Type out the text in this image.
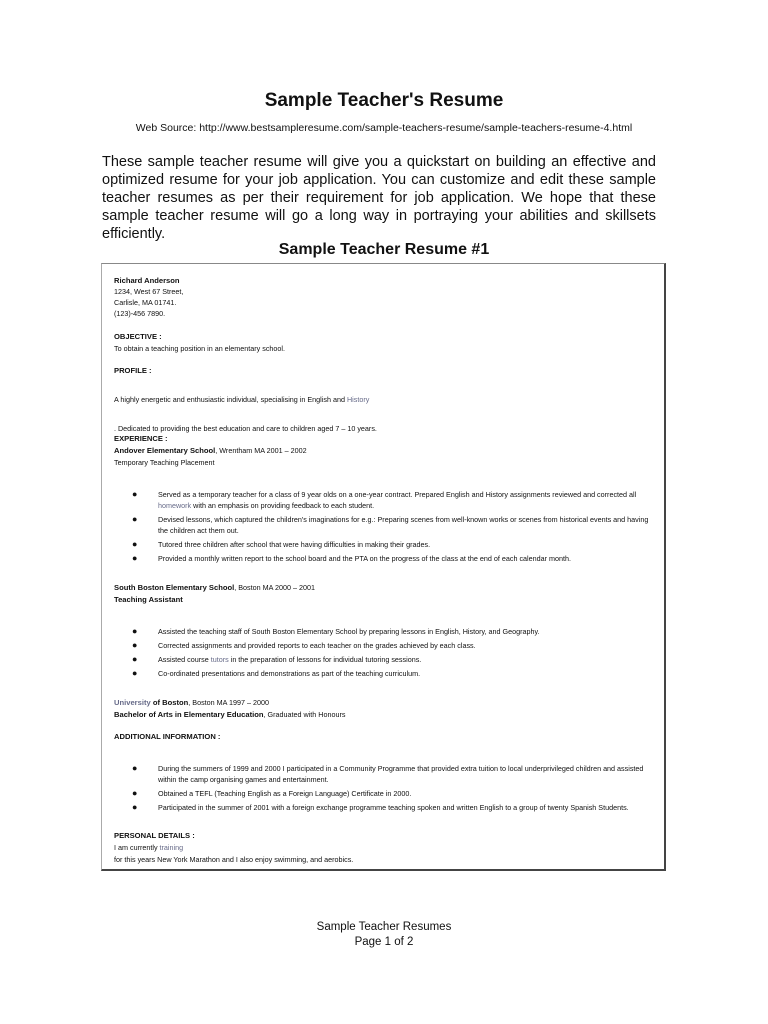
Sample Teacher's Resume

Web Source: http://www.bestsampleresume.com/sample-teachers-resume/sample-teachers-resume-4.html

These sample teacher resume will give you a quickstart on building an effective and optimized resume for your job application. You can customize and edit these sample teacher resumes as per their requirement for job application. We hope that these sample teacher resume will go a long way in portraying your abilities and skillsets efficiently.

Sample Teacher Resume #1
Richard Anderson
1234, West 67 Street,
Carlisle, MA 01741.
(123)-456 7890.
OBJECTIVE :
To obtain a teaching position in an elementary school.
PROFILE :
A highly energetic and enthusiastic individual, specialising in English and History
. Dedicated to providing the best education and care to children aged 7 – 10 years.
EXPERIENCE :
Andover Elementary School, Wrentham MA 2001 – 2002
Temporary Teaching Placement
●	Served as a temporary teacher for a class of 9 year olds on a one-year contract. Prepared English and History assignments reviewed and corrected all homework with an emphasis on providing feedback to each student.
●	Devised lessons, which captured the children's imaginations for e.g.: Preparing scenes from well-known works or scenes from historical events and having the children act them out.
●	Tutored three children after school that were having difficulties in making their grades.
●	Provided a monthly written report to the school board and the PTA on the progress of the class at the end of each calendar month.
South Boston Elementary School, Boston MA 2000 – 2001
Teaching Assistant
●	Assisted the teaching staff of South Boston Elementary School by preparing lessons in English, History, and Geography.
●	Corrected assignments and provided reports to each teacher on the grades achieved by each class.
●	Assisted course tutors in the preparation of lessons for individual tutoring sessions.
●	Co-ordinated presentations and demonstrations as part of the teaching curriculum.
University of Boston, Boston MA 1997 – 2000
Bachelor of Arts in Elementary Education, Graduated with Honours
ADDITIONAL INFORMATION :
●	During the summers of 1999 and 2000 I participated in a Community Programme that provided extra tuition to local underprivileged children and assisted within the camp organising games and entertainment.
●	Obtained a TEFL (Teaching English as a Foreign Language) Certificate in 2000.
●	Participated in the summer of 2001 with a foreign exchange programme teaching spoken and written English to a group of twenty Spanish Students.
PERSONAL DETAILS :
I am currently training
for this years New York Marathon and I also enjoy swimming, and aerobics.
Sample Teacher Resumes
Page 1 of 2
